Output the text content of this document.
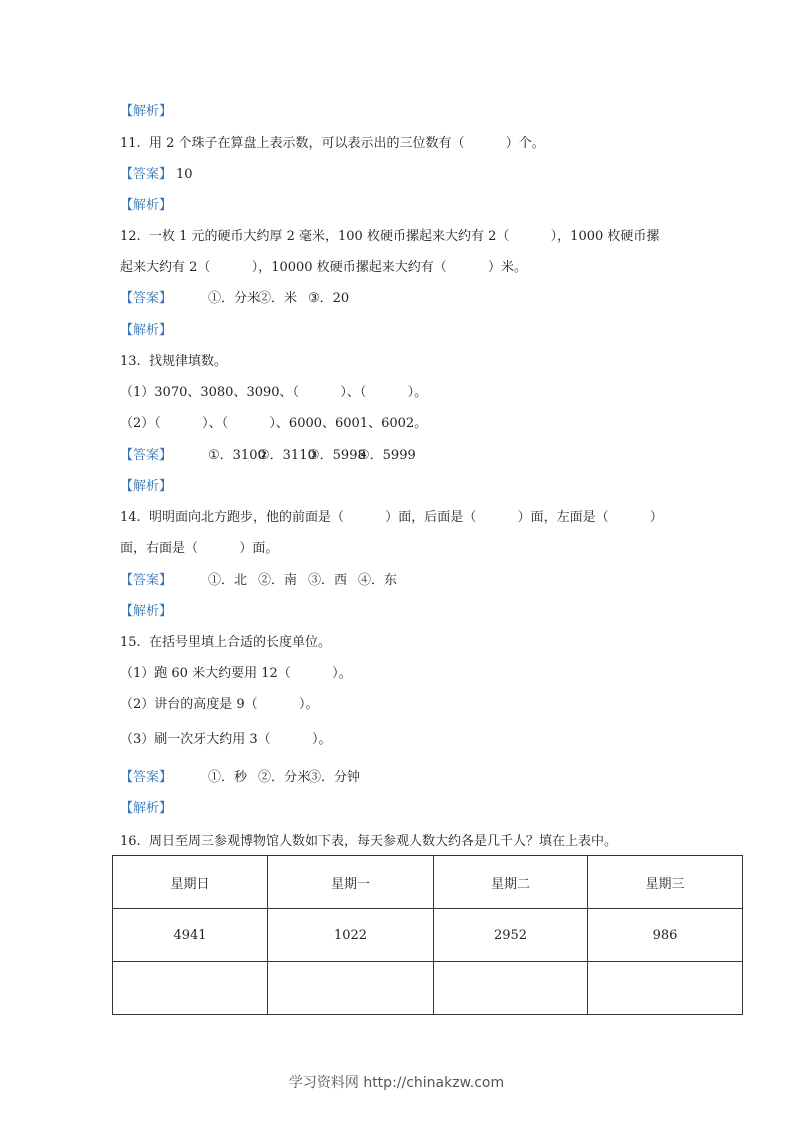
【解析】
11.  用 2 个珠子在算盘上表示数，可以表示出的三位数有（          ）个。
【答案】 10
【解析】
12.  一枚 1 元的硬币大约厚 2 毫米，100 枚硬币摞起来大约有 2（          ），1000 枚硬币摞
起来大约有 2（          ），10000 枚硬币摞起来大约有（          ）米。
【答案】	①．分米
②．米 ③．20
【解析】
13.  找规律填数。
（1）3070、3080、3090、（          ）、（          ）。
（2）（          ）、（          ）、6000、6001、6002。
【答案】	①．3100
②．3110
③．5998
④．5999
【解析】
14.  明明面向北方跑步，他的前面是（          ）面，后面是（          ）面，左面是（          ）
面，右面是（          ）面。
【答案】	①．北 ②．南 ③．西 ④．东
【解析】
15.  在括号里填上合适的长度单位。
（1）跑 60 米大约要用 12（          ）。
（2）讲台的高度是 9（          ）。
（3）刷一次牙大约用 3（          ）。
【答案】	①．秒 ②．分米
③．分钟
【解析】
16.  周日至周三参观博物馆人数如下表，每天参观人数大约各是几千人？填在上表中。
星期日	星期一	星期二	星期三
4941	1022	2952	986

学习资料网 http://chinakzw.com
